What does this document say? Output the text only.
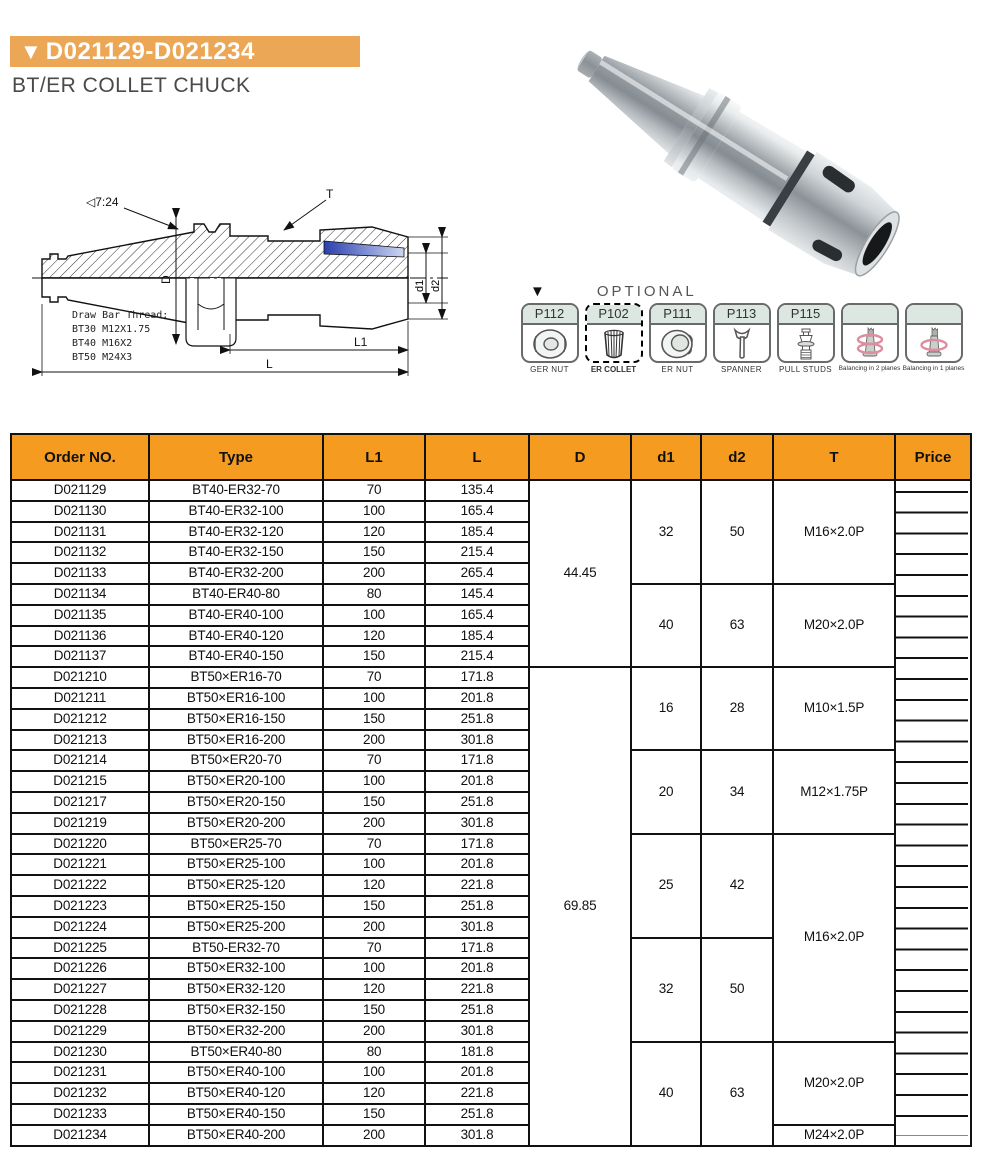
▼ D021129-D021234
BT/ER COLLET CHUCK
◁7:24
T
D
d1 d2
L1
L
Draw Bar Thread:
BT30 M12X1.75
BT40 M16X2
BT50 M24X3
▼	OPTIONAL
P112
GER NUT
P102
ER COLLET
P111
ER NUT
P113
SPANNER
P115
PULL STUDS Balancing in 2 planes Balancing in 1 planes
Order NO.	Type	L1	L	D	d1	d2	T	Price
D021129	BT40-ER32-70	70	135.4	44.45	32	50	M16×2.0P	
D021130	BT40-ER32-100	100	165.4					
D021131	BT40-ER32-120	120	185.4					
D021132	BT40-ER32-150	150	215.4					
D021133	BT40-ER32-200	200	265.4					
D021134	BT40-ER40-80	80	145.4		40	63	M20×2.0P	
D021135	BT40-ER40-100	100	165.4					
D021136	BT40-ER40-120	120	185.4					
D021137	BT40-ER40-150	150	215.4					
D021210	BT50×ER16-70	70	171.8	69.85	16	28	M10×1.5P	
D021211	BT50×ER16-100	100	201.8					
D021212	BT50×ER16-150	150	251.8					
D021213	BT50×ER16-200	200	301.8					
D021214	BT50×ER20-70	70	171.8		20	34	M12×1.75P	
D021215	BT50×ER20-100	100	201.8					
D021217	BT50×ER20-150	150	251.8					
D021219	BT50×ER20-200	200	301.8					
D021220	BT50×ER25-70	70	171.8		25	42	M16×2.0P	
D021221	BT50×ER25-100	100	201.8					
D021222	BT50×ER25-120	120	221.8					
D021223	BT50×ER25-150	150	251.8					
D021224	BT50×ER25-200	200	301.8					
D021225	BT50-ER32-70	70	171.8		32	50		
D021226	BT50×ER32-100	100	201.8					
D021227	BT50×ER32-120	120	221.8					
D021228	BT50×ER32-150	150	251.8					
D021229	BT50×ER32-200	200	301.8					
D021230	BT50×ER40-80	80	181.8		40	63	M20×2.0P	
D021231	BT50×ER40-100	100	201.8					
D021232	BT50×ER40-120	120	221.8					
D021233	BT50×ER40-150	150	251.8					
D021234	BT50×ER40-200	200	301.8				M24×2.0P	
